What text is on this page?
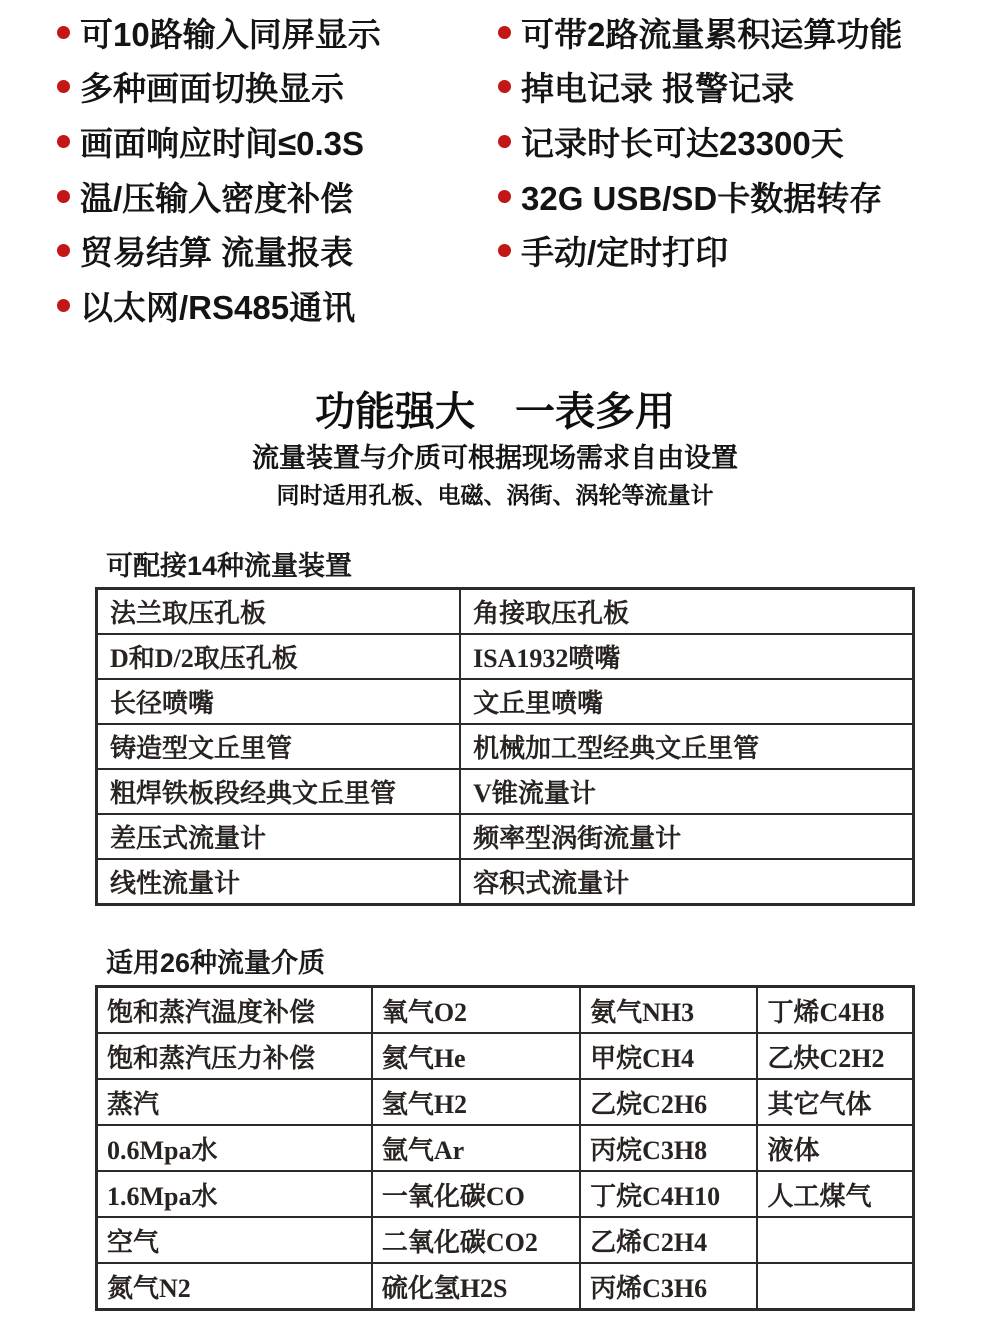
可10路输入同屏显示
多种画面切换显示
画面响应时间≤0.3S
温/压输入密度补偿
贸易结算 流量报表
以太网/RS485通讯
可带2路流量累积运算功能
掉电记录 报警记录
记录时长可达23300天
32G USB/SD卡数据转存
手动/定时打印
功能强大　一表多用
流量装置与介质可根据现场需求自由设置
同时适用孔板、电磁、涡街、涡轮等流量计
可配接14种流量装置
法兰取压孔板	角接取压孔板
D和D/2取压孔板	ISA1932喷嘴
长径喷嘴	文丘里喷嘴
铸造型文丘里管	机械加工型经典文丘里管
粗焊铁板段经典文丘里管	V锥流量计
差压式流量计	频率型涡街流量计
线性流量计	容积式流量计
适用26种流量介质
饱和蒸汽温度补偿	氧气O2	氨气NH3	丁烯C4H8
饱和蒸汽压力补偿	氦气He	甲烷CH4	乙炔C2H2
蒸汽	氢气H2	乙烷C2H6	其它气体
0.6Mpa水	氩气Ar	丙烷C3H8	液体
1.6Mpa水	一氧化碳CO	丁烷C4H10	人工煤气
空气	二氧化碳CO2	乙烯C2H4	
氮气N2	硫化氢H2S	丙烯C3H6	
